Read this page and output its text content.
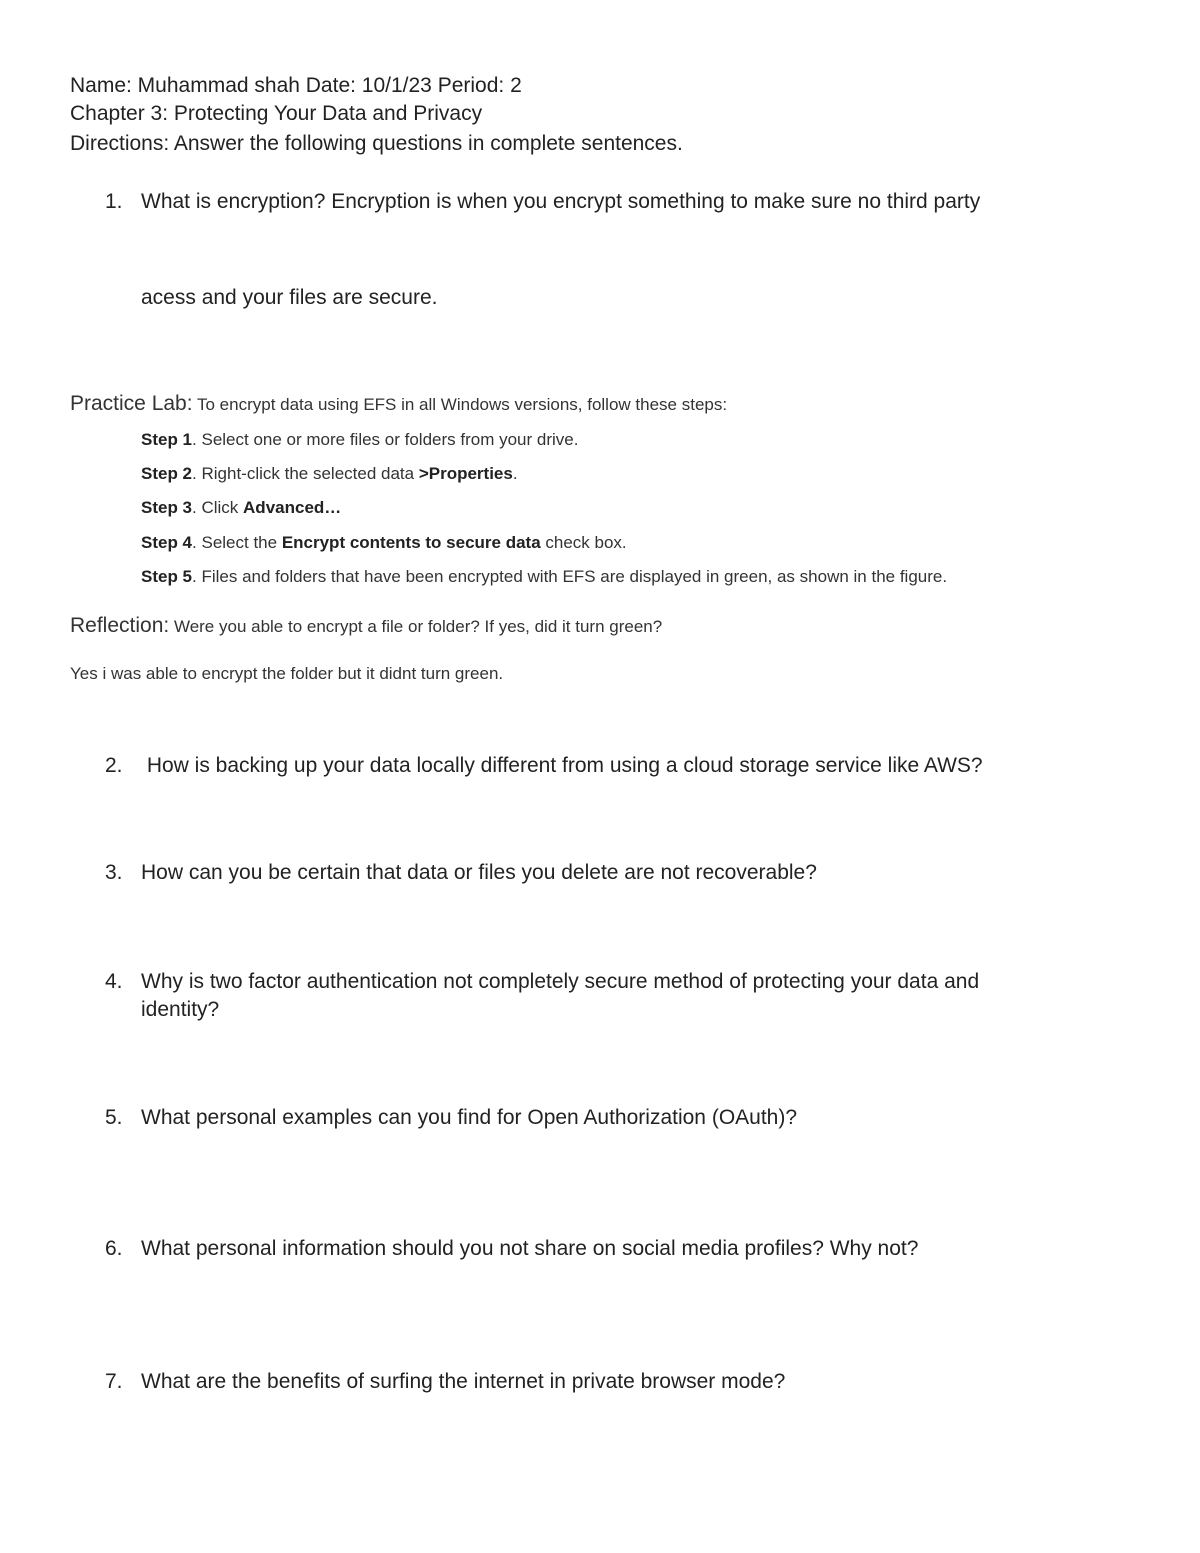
Name: Muhammad shah Date: 10/1/23 Period: 2
Chapter 3: Protecting Your Data and Privacy
Directions: Answer the following questions in complete sentences.
1. What is encryption? Encryption is when you encrypt something to make sure no third party
acess and your files are secure.
Practice Lab: To encrypt data using EFS in all Windows versions, follow these steps:
Step 1. Select one or more files or folders from your drive.
Step 2. Right-click the selected data >Properties.
Step 3. Click Advanced…
Step 4. Select the Encrypt contents to secure data check box.
Step 5. Files and folders that have been encrypted with EFS are displayed in green, as shown in the figure.
Reflection: Were you able to encrypt a file or folder? If yes, did it turn green?
Yes i was able to encrypt the folder but it didnt turn green.
2. How is backing up your data locally different from using a cloud storage service like AWS?
3. How can you be certain that data or files you delete are not recoverable?
4. Why is two factor authentication not completely secure method of protecting your data and
identity?
5. What personal examples can you find for Open Authorization (OAuth)?
6. What personal information should you not share on social media profiles? Why not?
7. What are the benefits of surfing the internet in private browser mode?
